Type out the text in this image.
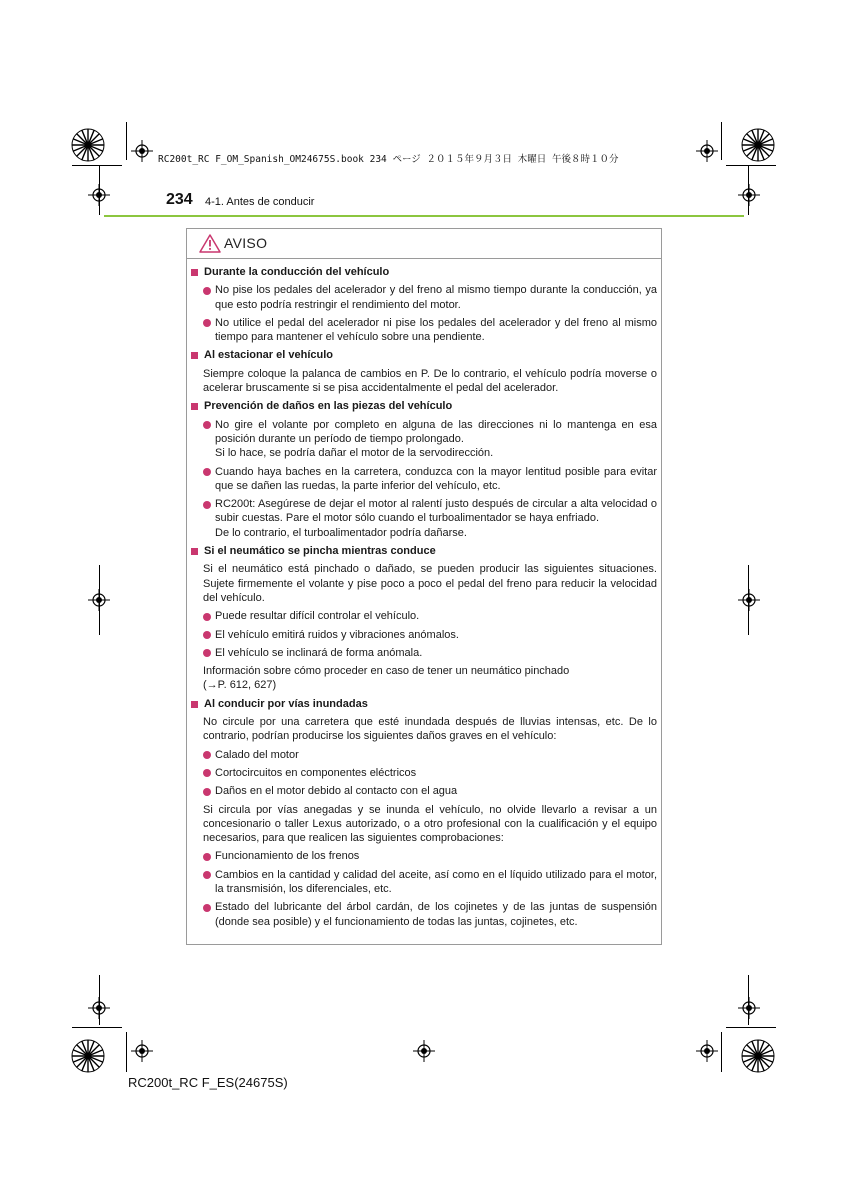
RC200t_RC F_OM_Spanish_OM24675S.book 234 ページ ２０１５年９月３日 木曜日 午後８時１０分
234 4-1. Antes de conducir
AVISO
Durante la conducción del vehículo
No pise los pedales del acelerador y del freno al mismo tiempo durante la conducción, ya que esto podría restringir el rendimiento del motor.
No utilice el pedal del acelerador ni pise los pedales del acelerador y del freno al mismo tiempo para mantener el vehículo sobre una pendiente.
Al estacionar el vehículo
Siempre coloque la palanca de cambios en P. De lo contrario, el vehículo podría moverse o acelerar bruscamente si se pisa accidentalmente el pedal del acelerador.
Prevención de daños en las piezas del vehículo
No gire el volante por completo en alguna de las direcciones ni lo mantenga en esa posición durante un período de tiempo prolongado.
Si lo hace, se podría dañar el motor de la servodirección.
Cuando haya baches en la carretera, conduzca con la mayor lentitud posible para evitar que se dañen las ruedas, la parte inferior del vehículo, etc.
RC200t: Asegúrese de dejar el motor al ralentí justo después de circular a alta velocidad o subir cuestas. Pare el motor sólo cuando el turboalimentador se haya enfriado.
De lo contrario, el turboalimentador podría dañarse.
Si el neumático se pincha mientras conduce
Si el neumático está pinchado o dañado, se pueden producir las siguientes situaciones. Sujete firmemente el volante y pise poco a poco el pedal del freno para reducir la velocidad del vehículo.
Puede resultar difícil controlar el vehículo.
El vehículo emitirá ruidos y vibraciones anómalos.
El vehículo se inclinará de forma anómala.
Información sobre cómo proceder en caso de tener un neumático pinchado
(→P. 612, 627)
Al conducir por vías inundadas
No circule por una carretera que esté inundada después de lluvias intensas, etc. De lo contrario, podrían producirse los siguientes daños graves en el vehículo:
Calado del motor
Cortocircuitos en componentes eléctricos
Daños en el motor debido al contacto con el agua
Si circula por vías anegadas y se inunda el vehículo, no olvide llevarlo a revisar a un concesionario o taller Lexus autorizado, o a otro profesional con la cualificación y el equipo necesarios, para que realicen las siguientes comprobaciones:
Funcionamiento de los frenos
Cambios en la cantidad y calidad del aceite, así como en el líquido utilizado para el motor, la transmisión, los diferenciales, etc.
Estado del lubricante del árbol cardán, de los cojinetes y de las juntas de suspensión (donde sea posible) y el funcionamiento de todas las juntas, cojinetes, etc.
RC200t_RC F_ES(24675S)
